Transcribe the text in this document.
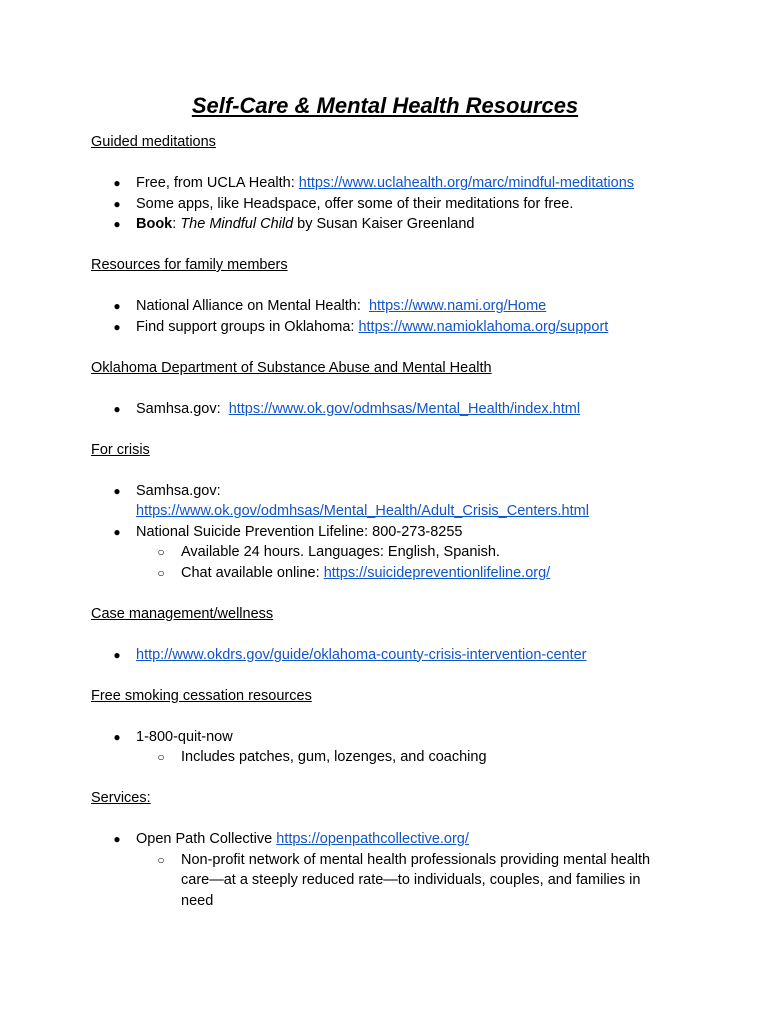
Self-Care & Mental Health Resources

Guided meditations

● Free, from UCLA Health: https://www.uclahealth.org/marc/mindful-meditations
● Some apps, like Headspace, offer some of their meditations for free.
● Book: The Mindful Child by Susan Kaiser Greenland

Resources for family members

● National Alliance on Mental Health:  https://www.nami.org/Home
● Find support groups in Oklahoma: https://www.namioklahoma.org/support

Oklahoma Department of Substance Abuse and Mental Health

● Samhsa.gov:  https://www.ok.gov/odmhsas/Mental_Health/index.html

For crisis

● Samhsa.gov:
https://www.ok.gov/odmhsas/Mental_Health/Adult_Crisis_Centers.html
● National Suicide Prevention Lifeline: 800-273-8255
○ Available 24 hours. Languages: English, Spanish.
○ Chat available online: https://suicidepreventionlifeline.org/

Case management/wellness

● http://www.okdrs.gov/guide/oklahoma-county-crisis-intervention-center

Free smoking cessation resources

● 1-800-quit-now
○ Includes patches, gum, lozenges, and coaching

Services:

● Open Path Collective https://openpathcollective.org/
○ Non-profit network of mental health professionals providing mental health care—at a steeply reduced rate—to individuals, couples, and families in need
